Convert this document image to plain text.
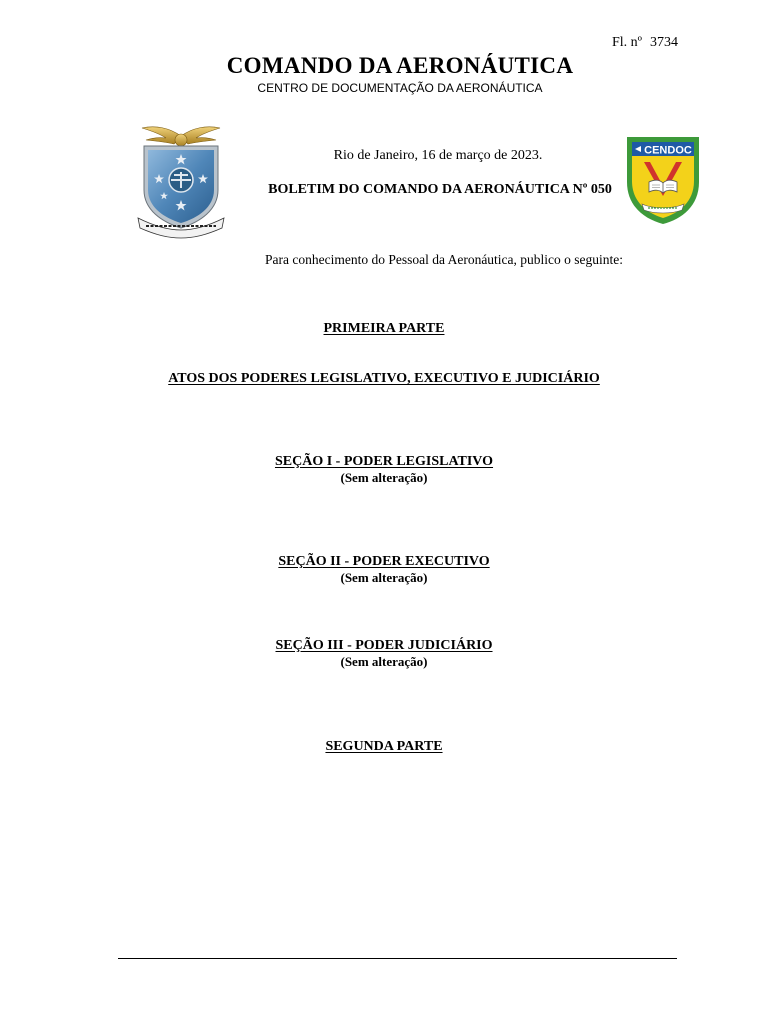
Fl. nº 3734
COMANDO DA AERONÁUTICA
CENTRO DE DOCUMENTAÇÃO DA AERONÁUTICA
CENDOC
Rio de Janeiro, 16 de março de 2023.
BOLETIM DO COMANDO DA AERONÁUTICA Nº 050
Para conhecimento do Pessoal da Aeronáutica, publico o seguinte:
PRIMEIRA PARTE
ATOS DOS PODERES LEGISLATIVO, EXECUTIVO E JUDICIÁRIO
SEÇÃO I - PODER LEGISLATIVO
(Sem alteração)
SEÇÃO II - PODER EXECUTIVO
(Sem alteração)
SEÇÃO III - PODER JUDICIÁRIO
(Sem alteração)
SEGUNDA PARTE
